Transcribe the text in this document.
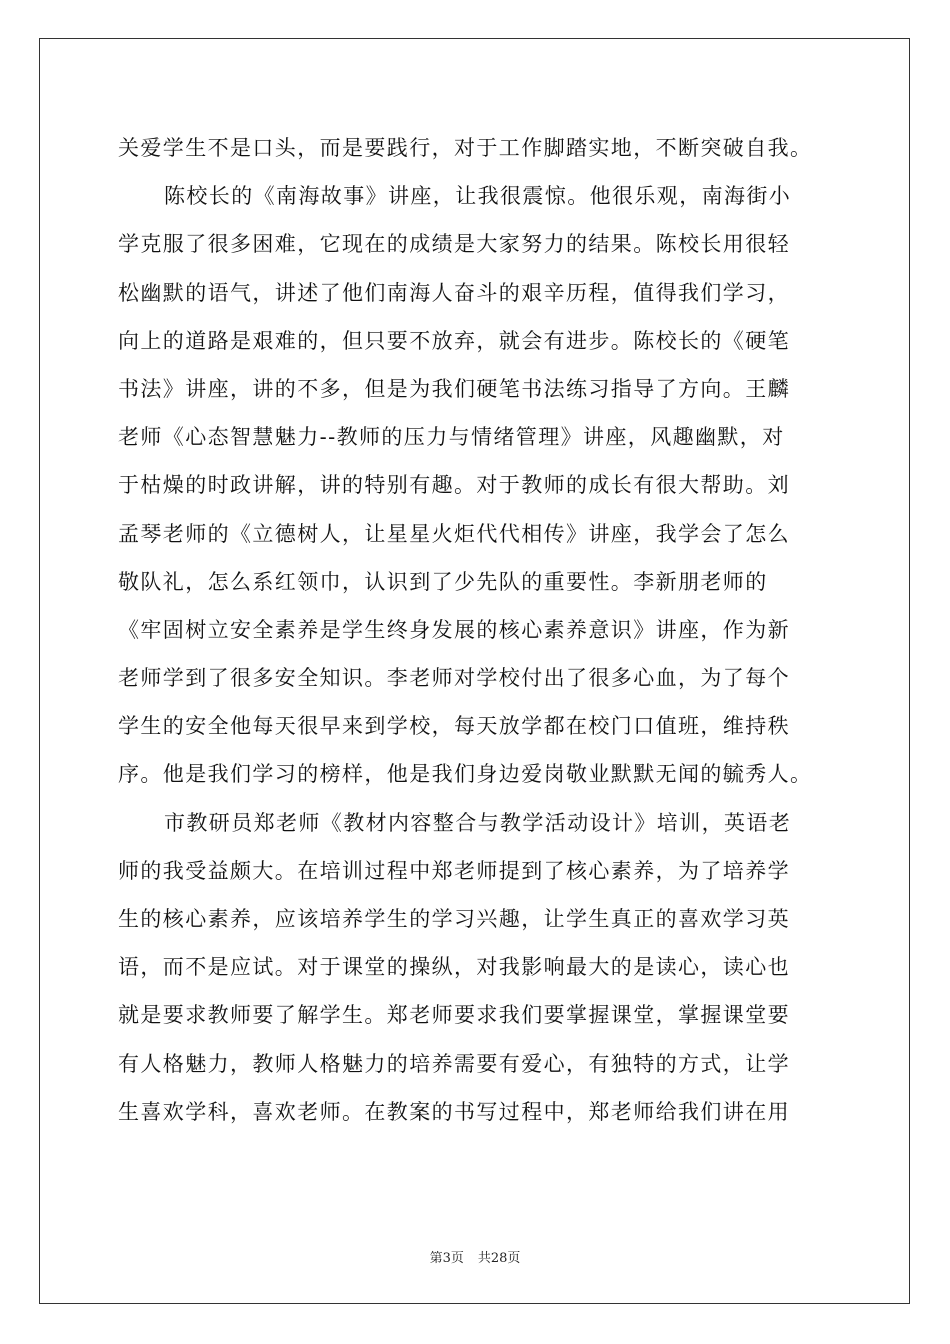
关爱学生不是口头，而是要践行，对于工作脚踏实地，不断突破自我。
陈校长的《南海故事》讲座，让我很震惊。他很乐观，南海街小
学克服了很多困难，它现在的成绩是大家努力的结果。陈校长用很轻
松幽默的语气，讲述了他们南海人奋斗的艰辛历程，值得我们学习，
向上的道路是艰难的，但只要不放弃，就会有进步。陈校长的《硬笔
书法》讲座，讲的不多，但是为我们硬笔书法练习指导了方向。王麟
老师《心态智慧魅力--教师的压力与情绪管理》讲座，风趣幽默，对
于枯燥的时政讲解，讲的特别有趣。对于教师的成长有很大帮助。刘
孟琴老师的《立德树人，让星星火炬代代相传》讲座，我学会了怎么
敬队礼，怎么系红领巾，认识到了少先队的重要性。李新朋老师的
《牢固树立安全素养是学生终身发展的核心素养意识》讲座，作为新
老师学到了很多安全知识。李老师对学校付出了很多心血，为了每个
学生的安全他每天很早来到学校，每天放学都在校门口值班，维持秩
序。他是我们学习的榜样，他是我们身边爱岗敬业默默无闻的毓秀人。
市教研员郑老师《教材内容整合与教学活动设计》培训，英语老
师的我受益颇大。在培训过程中郑老师提到了核心素养，为了培养学
生的核心素养，应该培养学生的学习兴趣，让学生真正的喜欢学习英
语，而不是应试。对于课堂的操纵，对我影响最大的是读心，读心也
就是要求教师要了解学生。郑老师要求我们要掌握课堂，掌握课堂要
有人格魅力，教师人格魅力的培养需要有爱心，有独特的方式，让学
生喜欢学科，喜欢老师。在教案的书写过程中，郑老师给我们讲在用
第3页 共28页
